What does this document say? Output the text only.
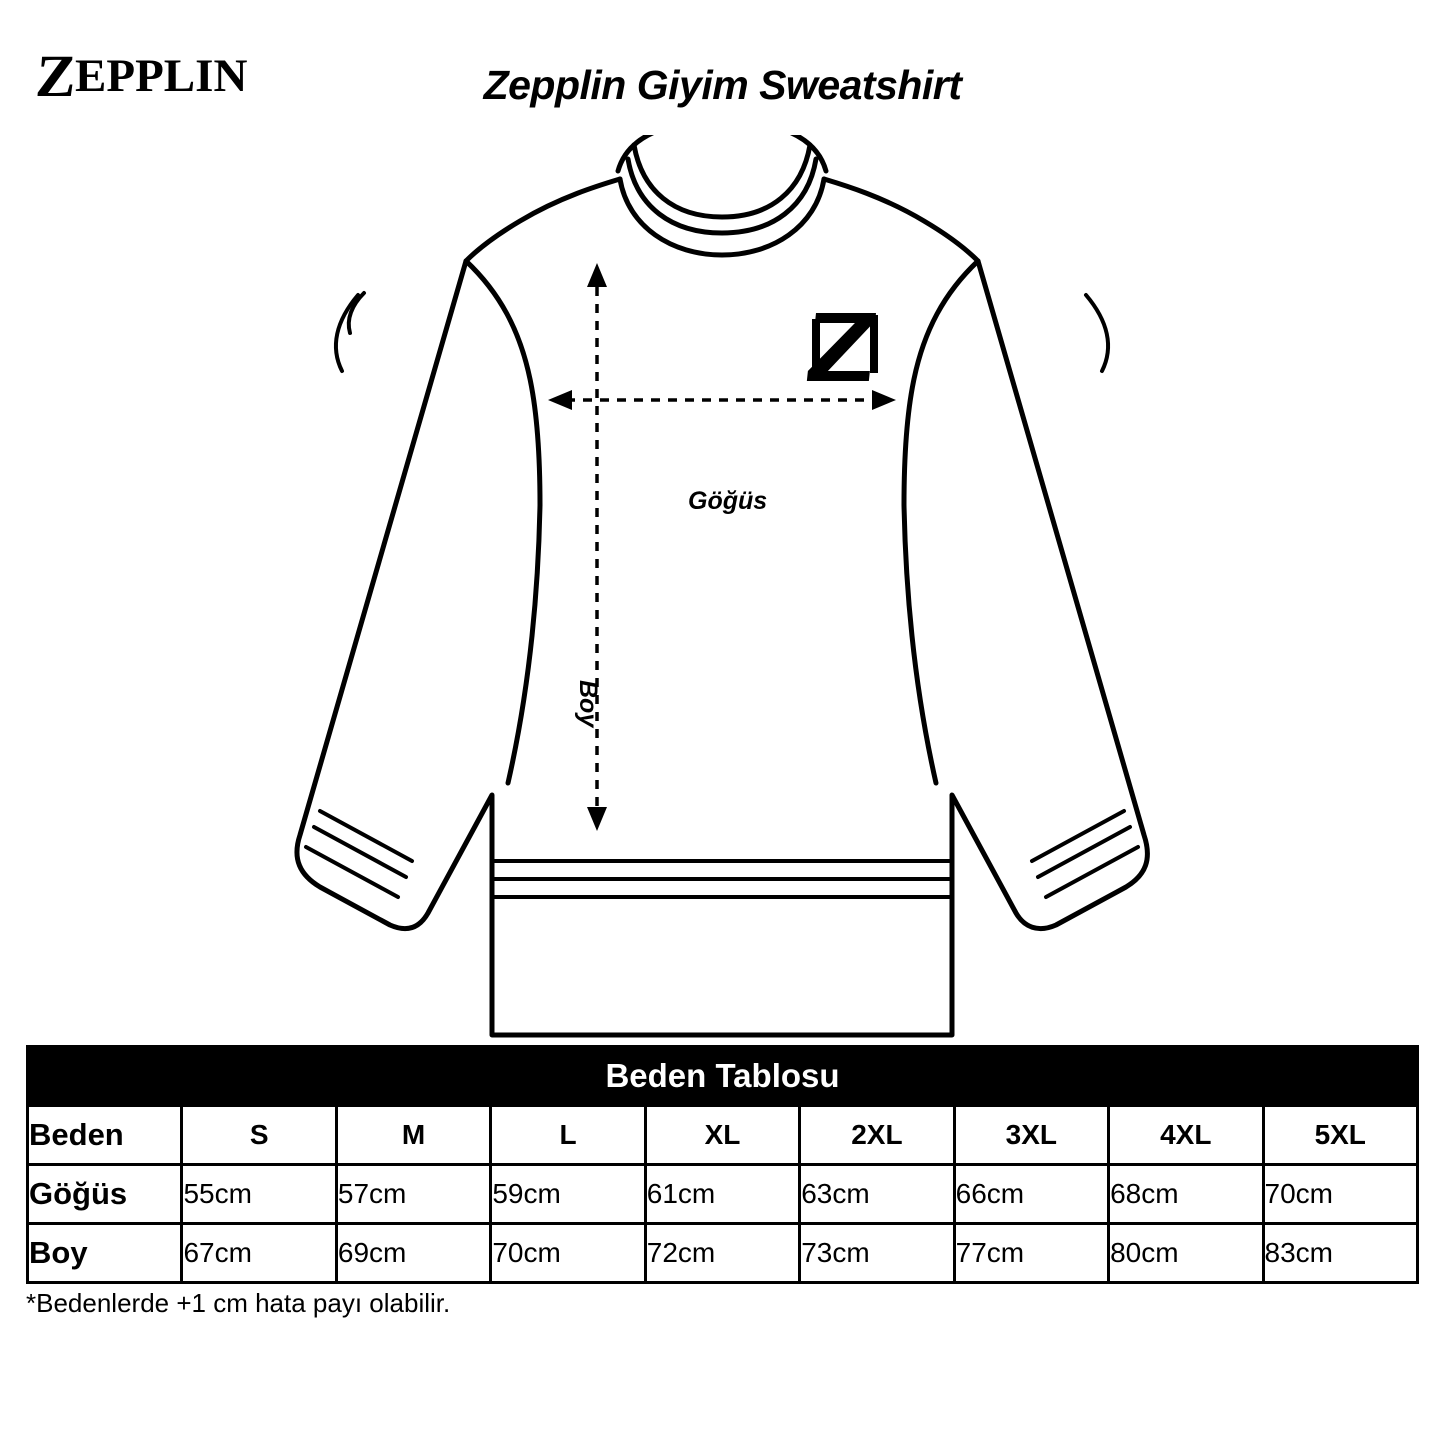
Z
EPPLIN	Zepplin Giyim Sweatshirt
Göğüs
Boy
Beden Tablosu								
Beden	S	M	L	XL	2XL	3XL	4XL	5XL
Göğüs	55cm	57cm	59cm	61cm	63cm	66cm	68cm	70cm
Boy	67cm	69cm	70cm	72cm	73cm	77cm	80cm	83cm
*Bedenlerde +1 cm hata payı olabilir.
